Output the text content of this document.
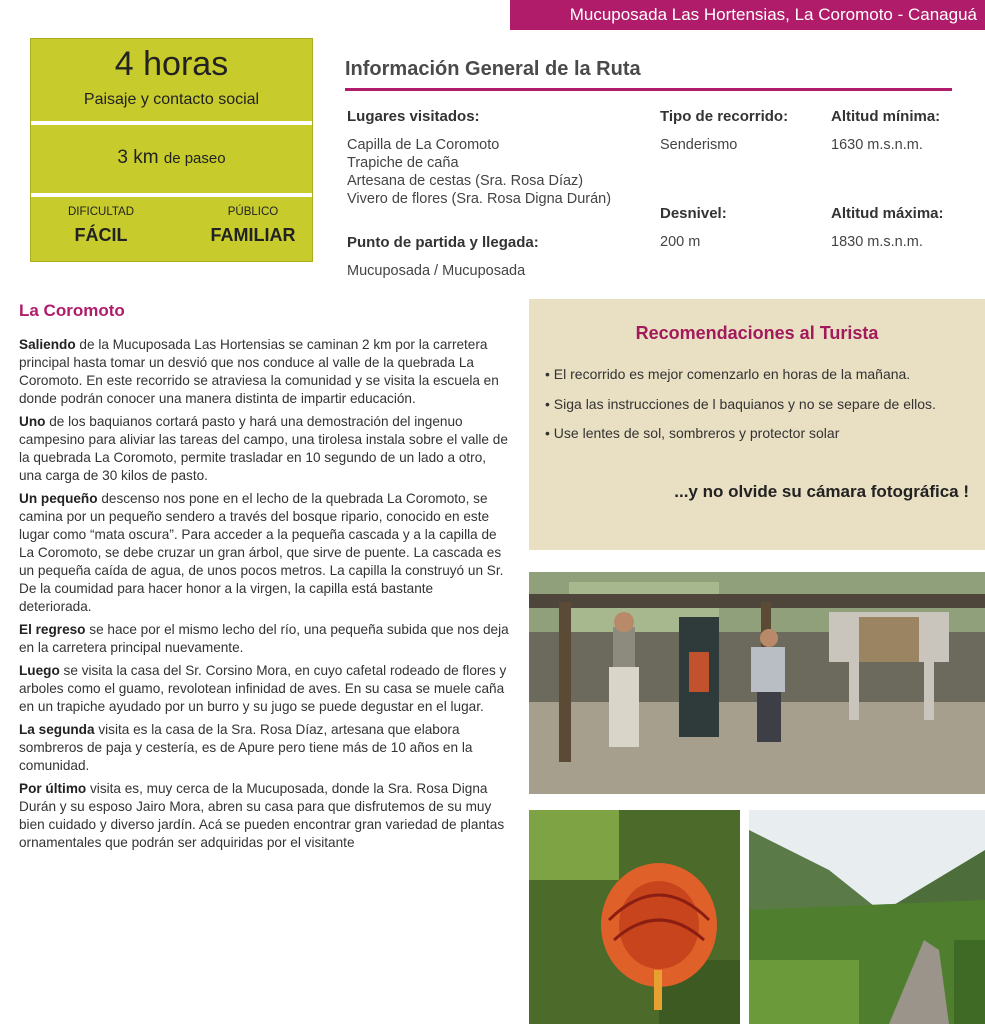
Mucuposada Las Hortensias, La Coromoto - Canaguá
4 horas
Paisaje y contacto social
3 km de paseo
DIFICULTAD
FÁCIL
PÚBLICO
FAMILIAR
Información General de la Ruta
Lugares visitados:
Capilla de La Coromoto
Trapiche de caña
Artesana de cestas (Sra. Rosa Díaz)
Vivero de flores (Sra. Rosa Digna Durán)
Punto de partida y llegada:
Mucuposada / Mucuposada
Tipo de recorrido:
Senderismo
Desnivel:
200 m
Altitud mínima:
1630 m.s.n.m.
Altitud máxima:
1830 m.s.n.m.
La Coromoto

Saliendo de la Mucuposada Las Hortensias se caminan 2 km por la carretera principal hasta tomar un desvió que nos conduce al valle de la quebrada La Coromoto. En este recorrido se atraviesa la comunidad y se visita la escuela en donde podrán conocer una manera distinta de impartir educación.

Uno de los baquianos cortará pasto y hará una demostración del ingenuo campesino para aliviar las tareas del campo, una tirolesa instala sobre el valle de la quebrada La Coromoto, permite trasladar en 10 segundo de un lado a otro, una carga de 30 kilos de pasto.

Un pequeño descenso nos pone en el lecho de la quebrada La Coromoto, se camina por un pequeño sendero a través del bosque ripario, conocido en este lugar como “mata oscura”. Para acceder a la pequeña cascada y a la capilla de La Coromoto, se debe cruzar un gran árbol, que sirve de puente. La cascada es un pequeña caída de agua, de unos pocos metros. La capilla la construyó un Sr. De la coumidad para hacer honor a la virgen, la capilla está bastante deteriorada.

El regreso se hace por el mismo lecho del río, una pequeña subida que nos deja en la carretera principal nuevamente.

Luego se visita la casa del Sr. Corsino Mora, en cuyo cafetal rodeado de flores y arboles como el guamo, revolotean infinidad de aves. En su casa se muele caña en un trapiche ayudado por un burro y su jugo se puede degustar en el lugar.

La segunda visita es la casa de la Sra. Rosa Díaz, artesana que elabora sombreros de paja y cestería, es de Apure pero tiene más de 10 años en la comunidad.

Por último visita es, muy cerca de la Mucuposada, donde la Sra. Rosa Digna Durán y su esposo Jairo Mora, abren su casa para que disfrutemos de su muy bien cuidado y diverso jardín. Acá se pueden encontrar gran variedad de plantas ornamentales que podrán ser adquiridas por el visitante

Recomendaciones al Turista
• El recorrido es mejor comenzarlo en horas de la mañana.
• Siga las instrucciones de l baquianos y no se separe de ellos.
• Use lentes de sol, sombreros y protector solar
...y no olvide su cámara fotográfica !
